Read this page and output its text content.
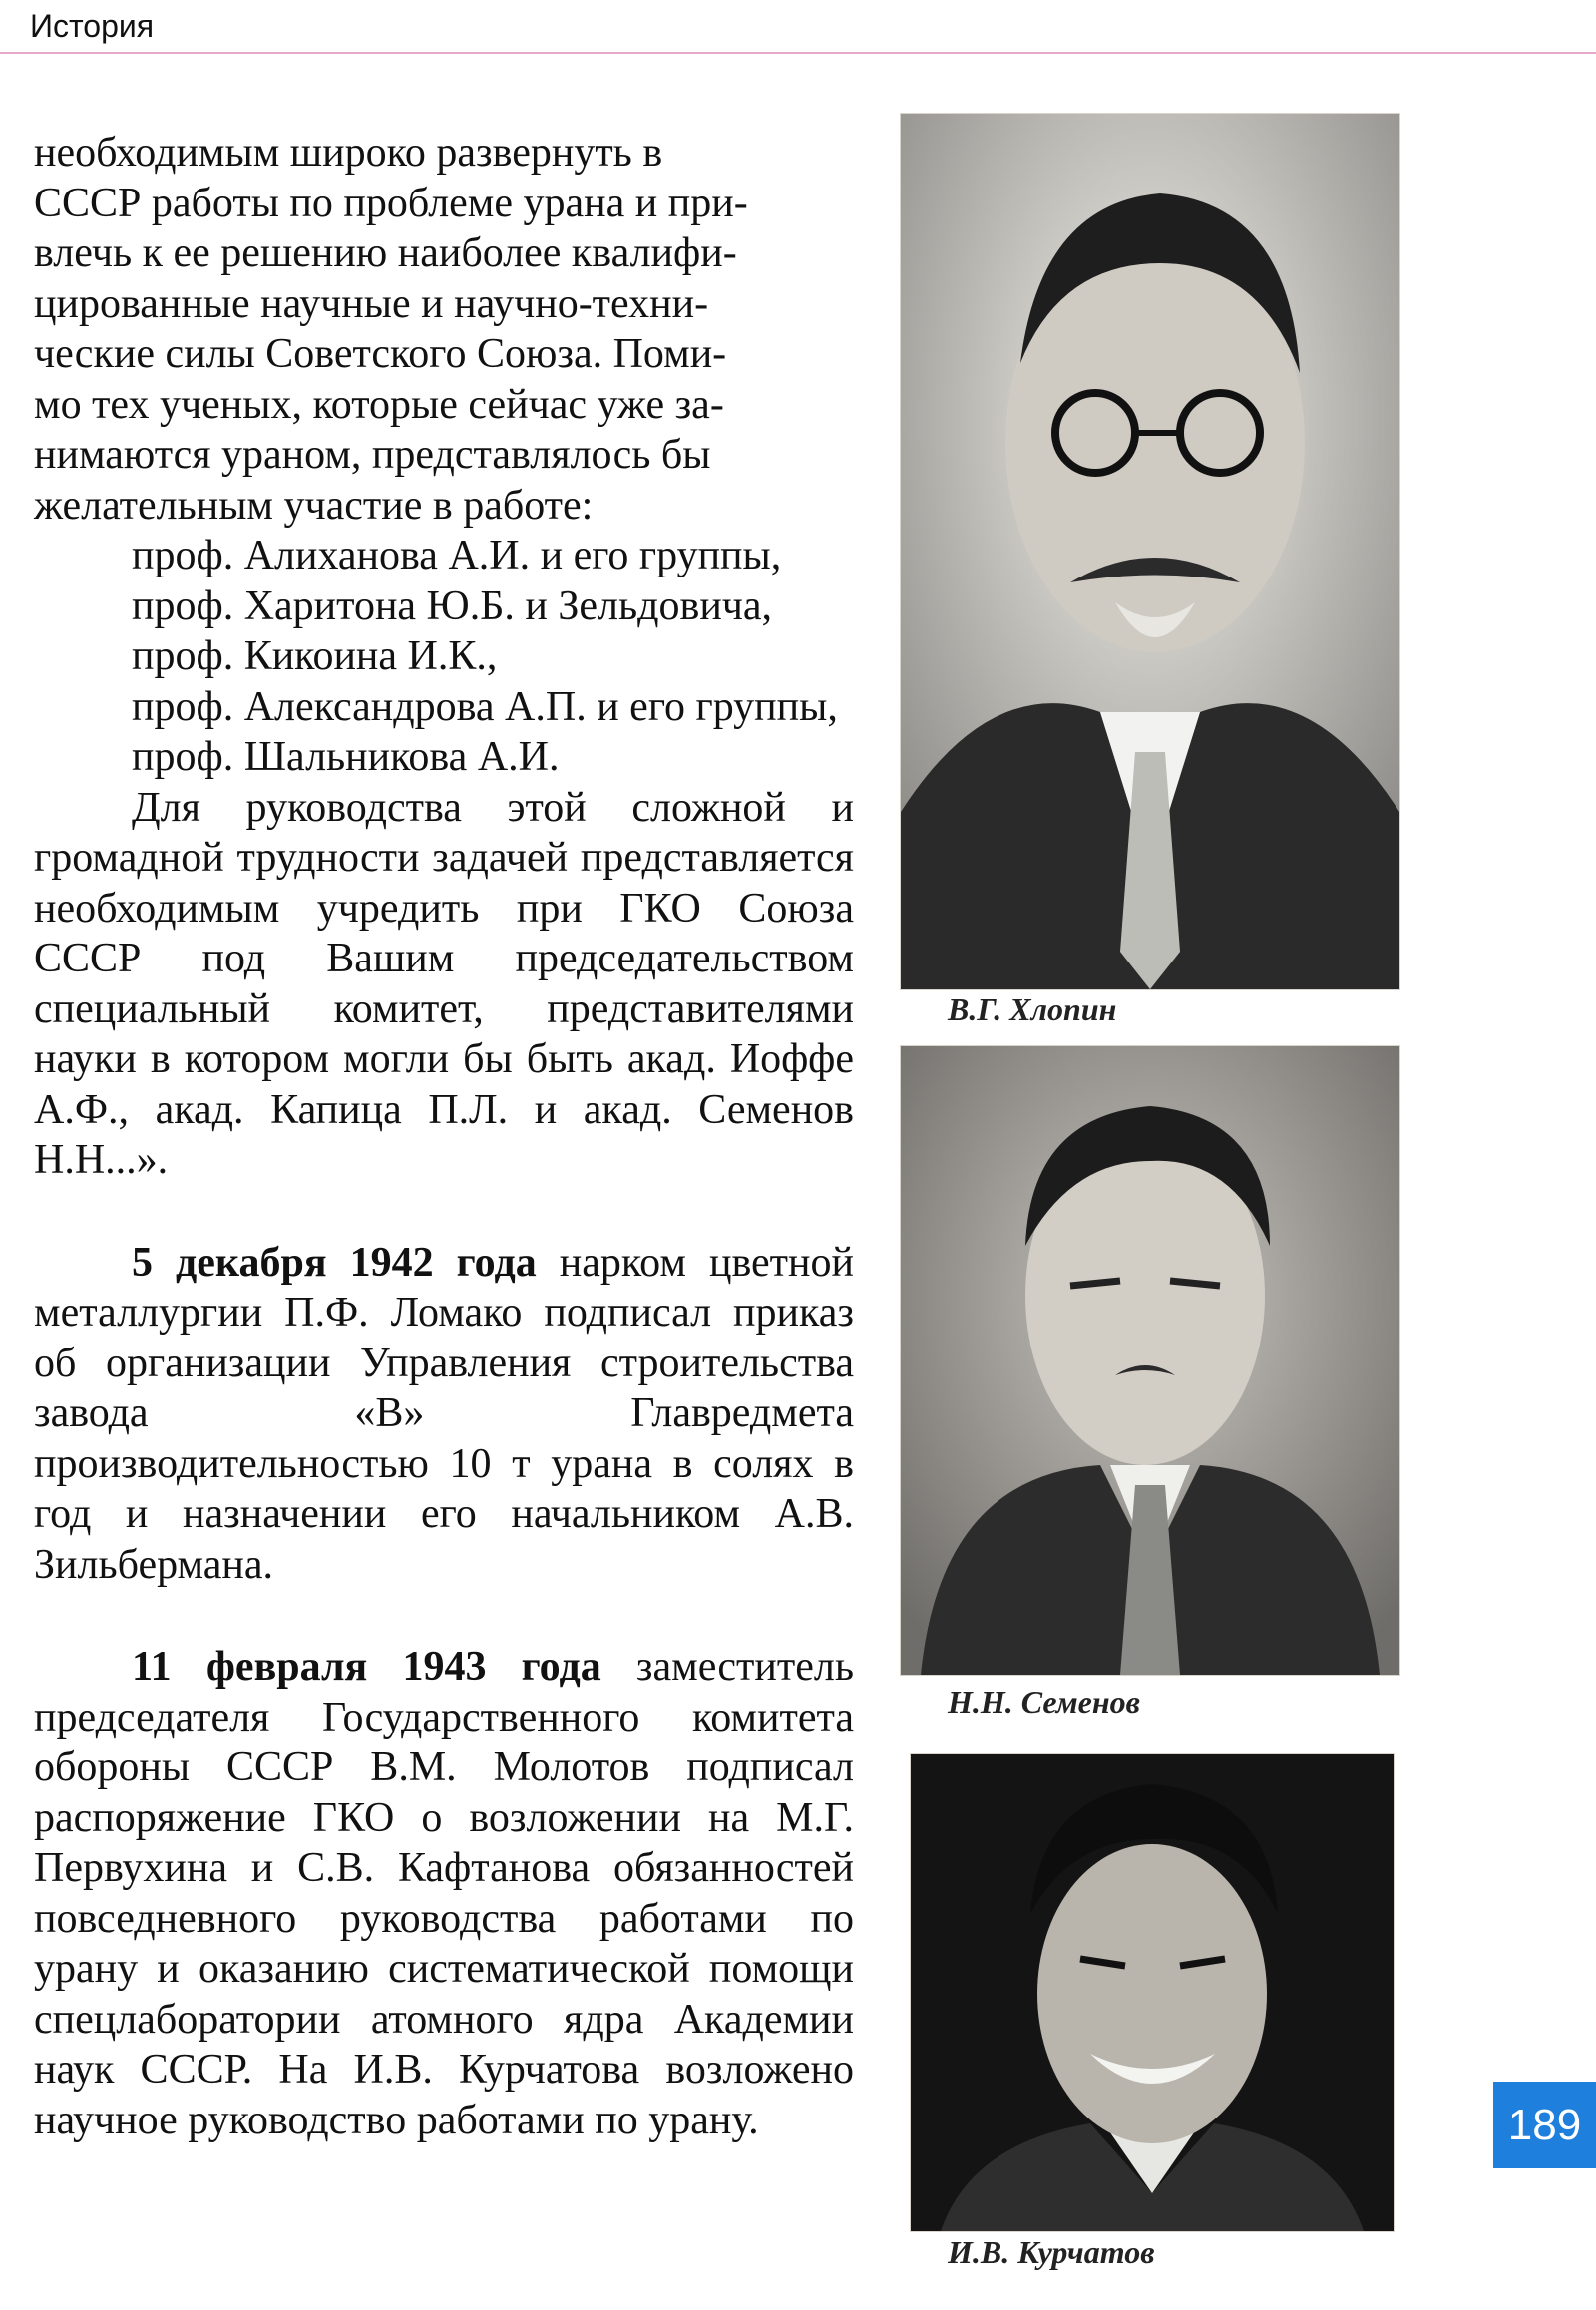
История

необходимым широко развернуть в

СССР работы по проблеме урана и при-

влечь к ее решению наиболее квалифи-

цированные научные и научно-техни-

ческие силы Советского Союза. Поми-

мо тех ученых, которые сейчас уже за-

нимаются ураном, представлялось бы

желательным участие в работе:

проф. Алиханова А.И. и его группы,

проф. Харитона Ю.Б. и Зельдовича,

проф. Кикоина И.К.,

проф. Александрова А.П. и его группы,

проф. Шальникова А.И.

Для руководства этой сложной и громадной трудности задачей представляется необходимым учредить при ГКО Союза СССР под Вашим председательством специальный комитет, представителями науки в котором могли бы быть акад. Иоффе А.Ф., акад. Капица П.Л. и акад. Семенов Н.Н...».

5 декабря 1942 года нарком цветной металлургии П.Ф. Ломако подписал приказ об организации Управления строительства завода «В» Главредмета производительностью 10 т урана в солях в год и назначении его начальником А.В. Зильбермана.

11 февраля 1943 года заместитель председателя Государственного комитета обороны СССР В.М. Молотов подписал распоряжение ГКО о возложении на М.Г. Первухина и С.В. Кафтанова обязанностей повседневного руководства работами по урану и оказанию систематической помощи спецлаборатории атомного ядра Академии наук СССР. На И.В. Курчатова возложено научное руководство работами по урану.

В.Г. Хлопин
Н.Н. Семенов
И.В. Курчатов
189
